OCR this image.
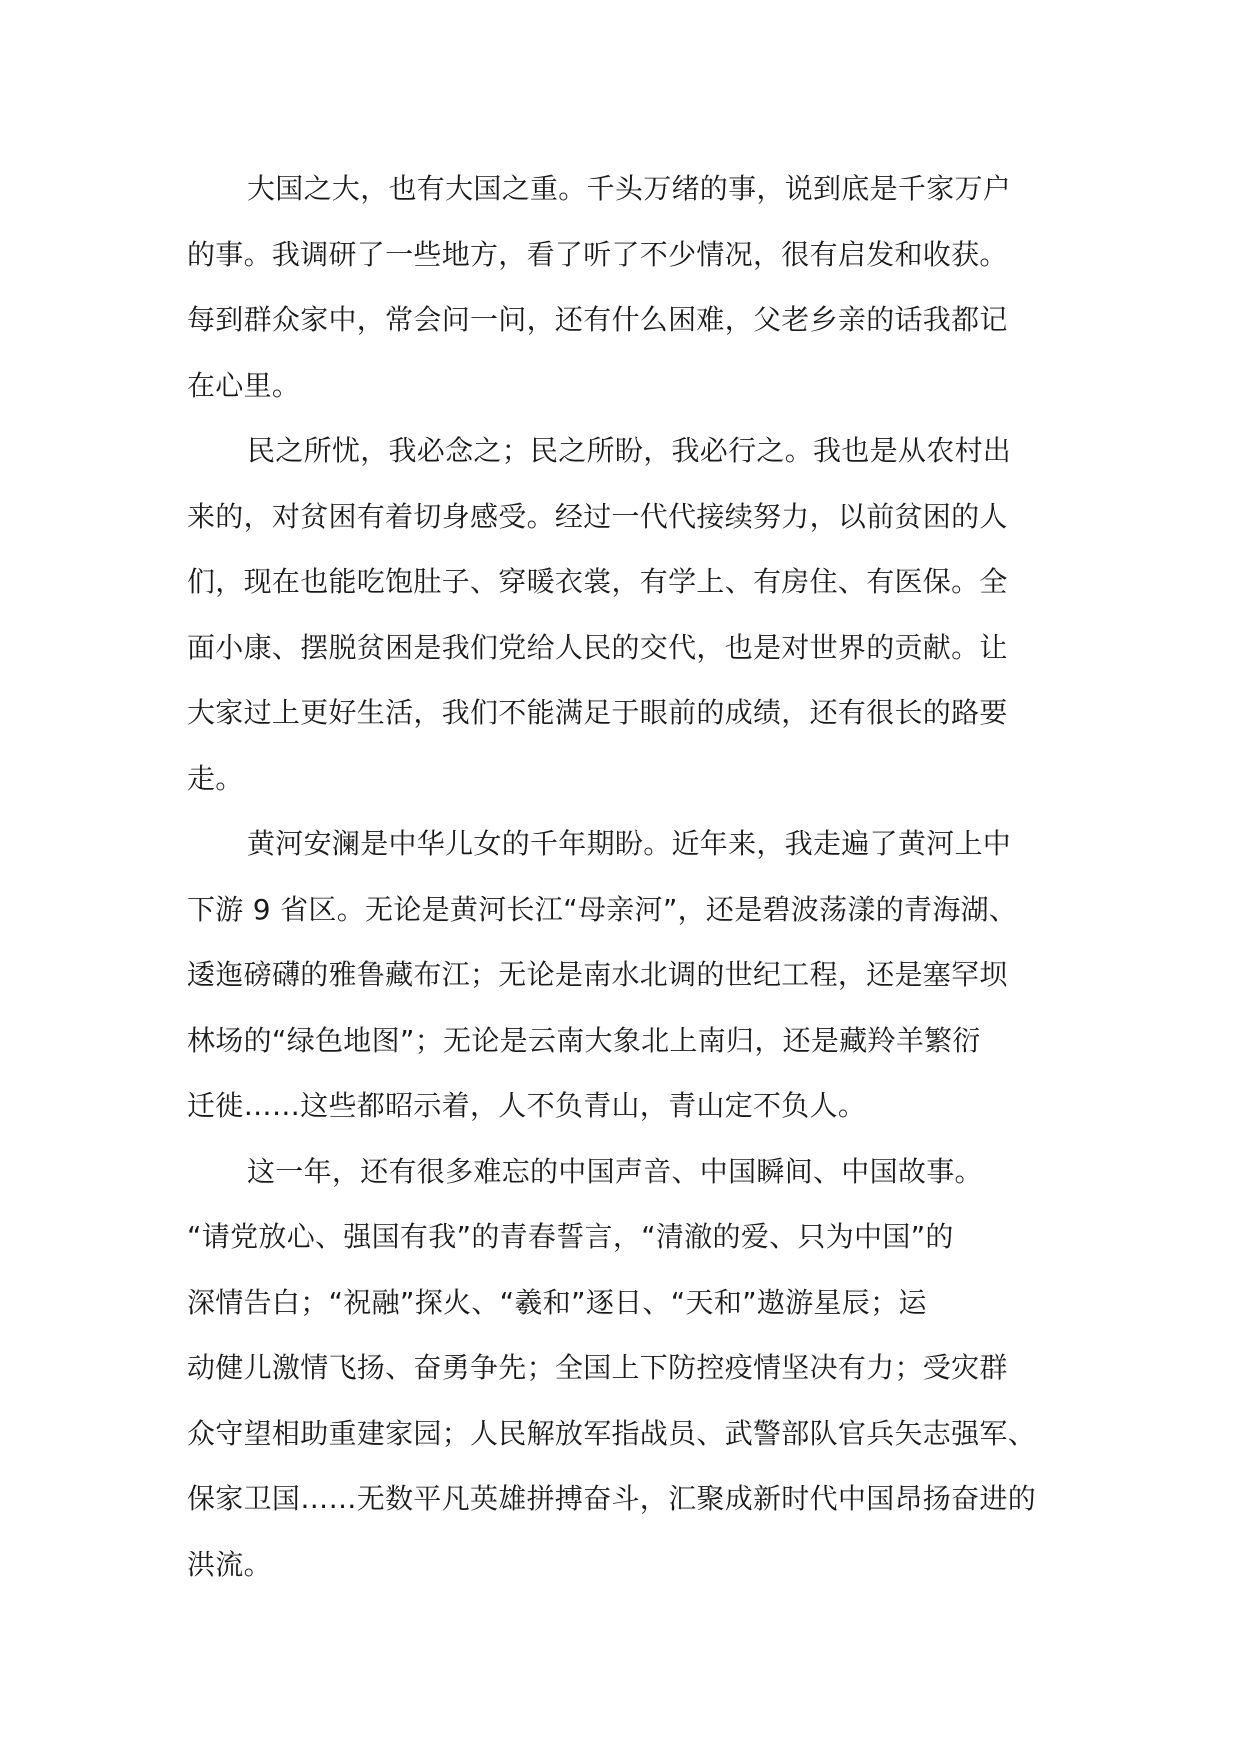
大国之大，也有大国之重。千头万绪的事，说到底是千家万户
的事。我调研了一些地方，看了听了不少情况，很有启发和收获。
每到群众家中，常会问一问，还有什么困难，父老乡亲的话我都记
在心里。
民之所忧，我必念之；民之所盼，我必行之。我也是从农村出
来的，对贫困有着切身感受。经过一代代接续努力，以前贫困的人
们，现在也能吃饱肚子、穿暖衣裳，有学上、有房住、有医保。全
面小康、摆脱贫困是我们党给人民的交代，也是对世界的贡献。让
大家过上更好生活，我们不能满足于眼前的成绩，还有很长的路要
走。
黄河安澜是中华儿女的千年期盼。近年来，我走遍了黄河上中
下游 9 省区。无论是黄河长江“母亲河”，还是碧波荡漾的青海湖、
逶迤磅礴的雅鲁藏布江；无论是南水北调的世纪工程，还是塞罕坝
林场的“绿色地图”；无论是云南大象北上南归，还是藏羚羊繁衍
迁徙……这些都昭示着，人不负青山，青山定不负人。
这一年，还有很多难忘的中国声音、中国瞬间、中国故事。
“请党放心、强国有我”的青春誓言，“清澈的爱、只为中国”的
深情告白；“祝融”探火、“羲和”逐日、“天和”遨游星辰；运
动健儿激情飞扬、奋勇争先；全国上下防控疫情坚决有力；受灾群
众守望相助重建家园；人民解放军指战员、武警部队官兵矢志强军、
保家卫国……无数平凡英雄拼搏奋斗，汇聚成新时代中国昂扬奋进的
洪流。
